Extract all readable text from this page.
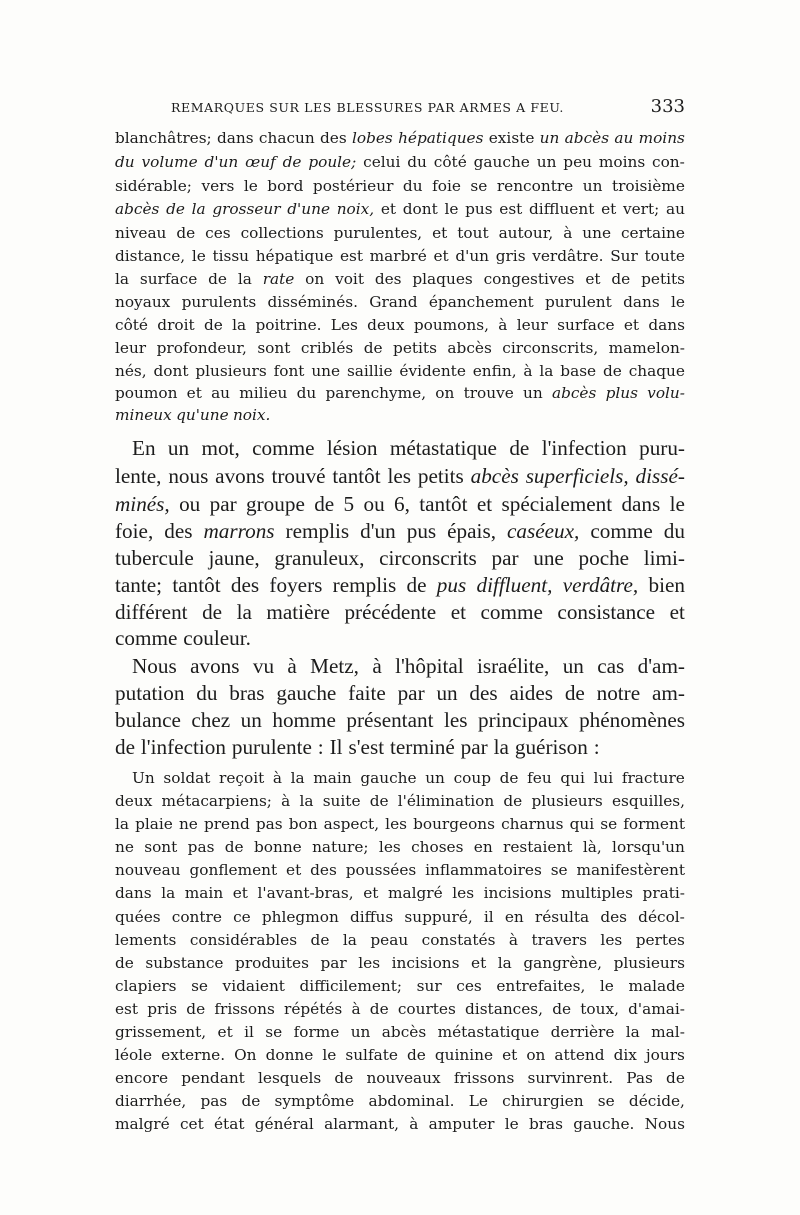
REMARQUES SUR LES BLESSURES PAR ARMES A FEU.	333
blanchâtres; dans chacun des lobes hépatiques existe un abcès au moins
du volume d'un œuf de poule; celui du côté gauche un peu moins con-
sidérable; vers le bord postérieur du foie se rencontre un troisième
abcès de la grosseur d'une noix, et dont le pus est diffluent et vert; au
niveau de ces collections purulentes, et tout autour, à une certaine
distance, le tissu hépatique est marbré et d'un gris verdâtre. Sur toute
la surface de la rate on voit des plaques congestives et de petits
noyaux purulents disséminés. Grand épanchement purulent dans le
côté droit de la poitrine. Les deux poumons, à leur surface et dans
leur profondeur, sont criblés de petits abcès circonscrits, mamelon-
nés, dont plusieurs font une saillie évidente enfin, à la base de chaque
poumon et au milieu du parenchyme, on trouve un abcès plus volu-
mineux qu'une noix.
En un mot, comme lésion métastatique de l'infection puru-
lente, nous avons trouvé tantôt les petits abcès superficiels, dissé-
minés, ou par groupe de 5 ou 6, tantôt et spécialement dans le
foie, des marrons remplis d'un pus épais, caséeux, comme du
tubercule jaune, granuleux, circonscrits par une poche limi-
tante; tantôt des foyers remplis de pus diffluent, verdâtre, bien
différent de la matière précédente et comme consistance et
comme couleur.
Nous avons vu à Metz, à l'hôpital israélite, un cas d'am-
putation du bras gauche faite par un des aides de notre am-
bulance chez un homme présentant les principaux phénomènes
de l'infection purulente : Il s'est terminé par la guérison :
Un soldat reçoit à la main gauche un coup de feu qui lui fracture
deux métacarpiens; à la suite de l'élimination de plusieurs esquilles,
la plaie ne prend pas bon aspect, les bourgeons charnus qui se forment
ne sont pas de bonne nature; les choses en restaient là, lorsqu'un
nouveau gonflement et des poussées inflammatoires se manifestèrent
dans la main et l'avant-bras, et malgré les incisions multiples prati-
quées contre ce phlegmon diffus suppuré, il en résulta des décol-
lements considérables de la peau constatés à travers les pertes
de substance produites par les incisions et la gangrène, plusieurs
clapiers se vidaient difficilement; sur ces entrefaites, le malade
est pris de frissons répétés à de courtes distances, de toux, d'amai-
grissement, et il se forme un abcès métastatique derrière la mal-
léole externe. On donne le sulfate de quinine et on attend dix jours
encore pendant lesquels de nouveaux frissons survinrent. Pas de
diarrhée, pas de symptôme abdominal. Le chirurgien se décide,
malgré cet état général alarmant, à amputer le bras gauche. Nous
